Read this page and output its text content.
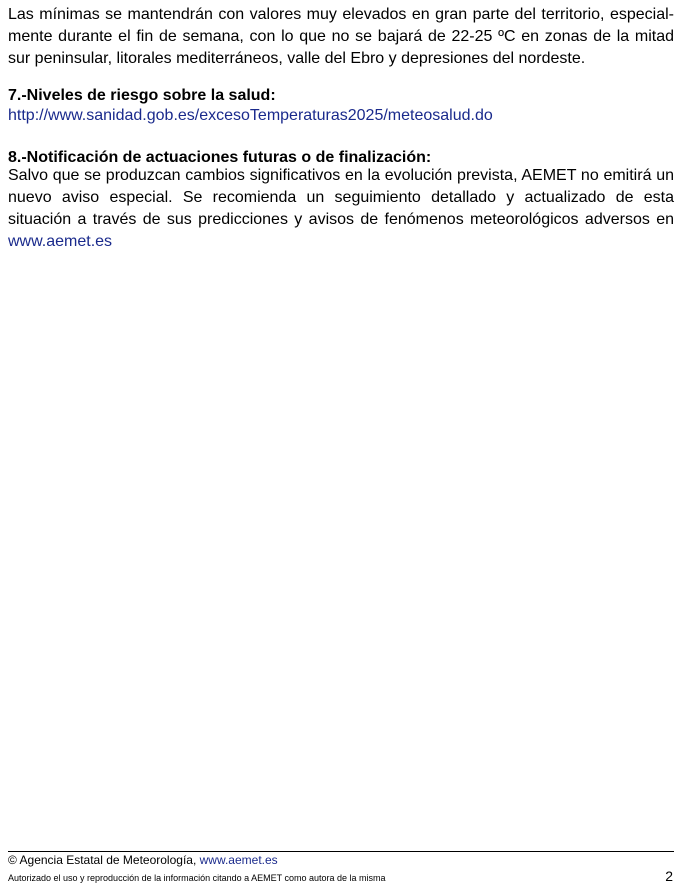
Las mínimas se mantendrán con valores muy elevados en gran parte del territorio, especial-mente durante el fin de semana, con lo que no se bajará de 22-25 ºC en zonas de la mitad sur peninsular, litorales mediterráneos, valle del Ebro y depresiones del nordeste.

7.-Niveles de riesgo sobre la salud:

http://www.sanidad.gob.es/excesoTemperaturas2025/meteosalud.do

8.-Notificación de actuaciones futuras o de finalización:

Salvo que se produzcan cambios significativos en la evolución prevista, AEMET no emitirá un nuevo aviso especial. Se recomienda un seguimiento detallado y actualizado de esta situación a través de sus predicciones y avisos de fenómenos meteorológicos adversos en www.aemet.es

© Agencia Estatal de Meteorología, www.aemet.es
Autorizado el uso y reproducción de la información citando a AEMET como autora de la misma	2
